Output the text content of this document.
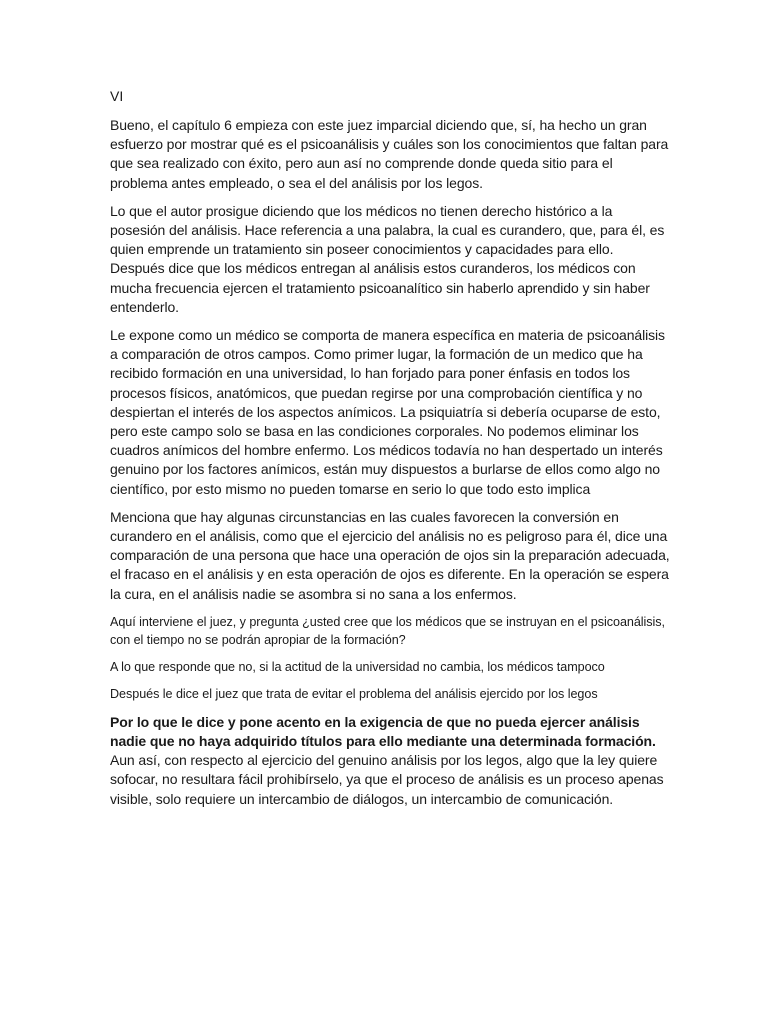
VI

Bueno, el capítulo 6 empieza con este juez imparcial diciendo que, sí, ha hecho un gran esfuerzo por mostrar qué es el psicoanálisis y cuáles son los conocimientos que faltan para que sea realizado con éxito, pero aun así no comprende donde queda sitio para el problema antes empleado, o sea el del análisis por los legos.

Lo que el autor prosigue diciendo que los médicos no tienen derecho histórico a la posesión del análisis. Hace referencia a una palabra, la cual es curandero, que, para él, es quien emprende un tratamiento sin poseer conocimientos y capacidades para ello. Después dice que los médicos entregan al análisis estos curanderos, los médicos con mucha frecuencia ejercen el tratamiento psicoanalítico sin haberlo aprendido y sin haber entenderlo.

Le expone como un médico se comporta de manera específica en materia de psicoanálisis a comparación de otros campos. Como primer lugar, la formación de un medico que ha recibido formación en una universidad, lo han forjado para poner énfasis en todos los procesos físicos, anatómicos, que puedan regirse por una comprobación científica y no despiertan el interés de los aspectos anímicos. La psiquiatría si debería ocuparse de esto, pero este campo solo se basa en las condiciones corporales. No podemos eliminar los cuadros anímicos del hombre enfermo. Los médicos todavía no han despertado un interés genuino por los factores anímicos, están muy dispuestos a burlarse de ellos como algo no científico, por esto mismo no pueden tomarse en serio lo que todo esto implica

Menciona que hay algunas circunstancias en las cuales favorecen la conversión en curandero en el análisis, como que el ejercicio del análisis no es peligroso para él, dice una comparación de una persona que hace una operación de ojos sin la preparación adecuada, el fracaso en el análisis y en esta operación de ojos es diferente. En la operación se espera la cura, en el análisis nadie se asombra si no sana a los enfermos.

Aquí interviene el juez, y pregunta ¿usted cree que los médicos que se instruyan en el psicoanálisis, con el tiempo no se podrán apropiar de la formación?

A lo que responde que no, si la actitud de la universidad no cambia, los médicos tampoco

Después le dice el juez que trata de evitar el problema del análisis ejercido por los legos

Por lo que le dice y pone acento en la exigencia de que no pueda ejercer análisis nadie que no haya adquirido títulos para ello mediante una determinada formación. Aun así, con respecto al ejercicio del genuino análisis por los legos, algo que la ley quiere sofocar, no resultara fácil prohibírselo, ya que el proceso de análisis es un proceso apenas visible, solo requiere un intercambio de diálogos, un intercambio de comunicación.
